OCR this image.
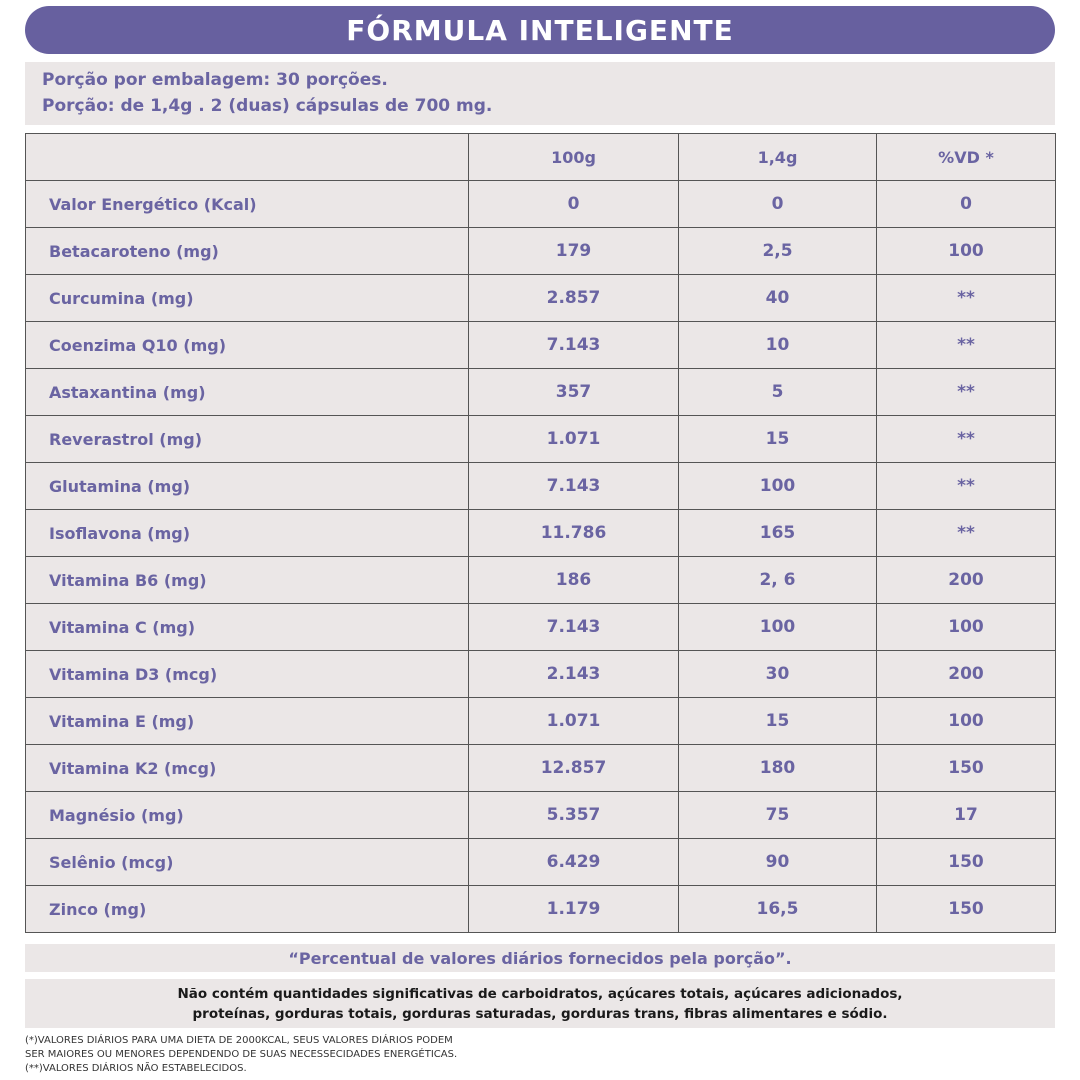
FÓRMULA INTELIGENTE
Porção por embalagem: 30 porções.
Porção: de 1,4g . 2 (duas) cápsulas de 700 mg.
	100g	1,4g	%VD *
Valor Energético (Kcal)	0	0	0
Betacaroteno (mg)	179	2,5	100
Curcumina (mg)	2.857	40	**
Coenzima Q10 (mg)	7.143	10	**
Astaxantina (mg)	357	5	**
Reverastrol (mg)	1.071	15	**
Glutamina (mg)	7.143	100	**
Isoflavona (mg)	11.786	165	**
Vitamina B6 (mg)	186	2, 6	200
Vitamina C (mg)	7.143	100	100
Vitamina D3 (mcg)	2.143	30	200
Vitamina E (mg)	1.071	15	100
Vitamina K2 (mcg)	12.857	180	150
Magnésio (mg)	5.357	75	17
Selênio (mcg)	6.429	90	150
Zinco (mg)	1.179	16,5	150
“Percentual de valores diários fornecidos pela porção”.
Não contém quantidades significativas de carboidratos, açúcares totais, açúcares adicionados,
proteínas, gorduras totais, gorduras saturadas, gorduras trans, fibras alimentares e sódio.
(*)VALORES DIÁRIOS PARA UMA DIETA DE 2000KCAL, SEUS VALORES DIÁRIOS PODEM
SER MAIORES OU MENORES DEPENDENDO DE SUAS NECESSECIDADES ENERGÉTICAS.
(**)VALORES DIÁRIOS NÃO ESTABELECIDOS.
